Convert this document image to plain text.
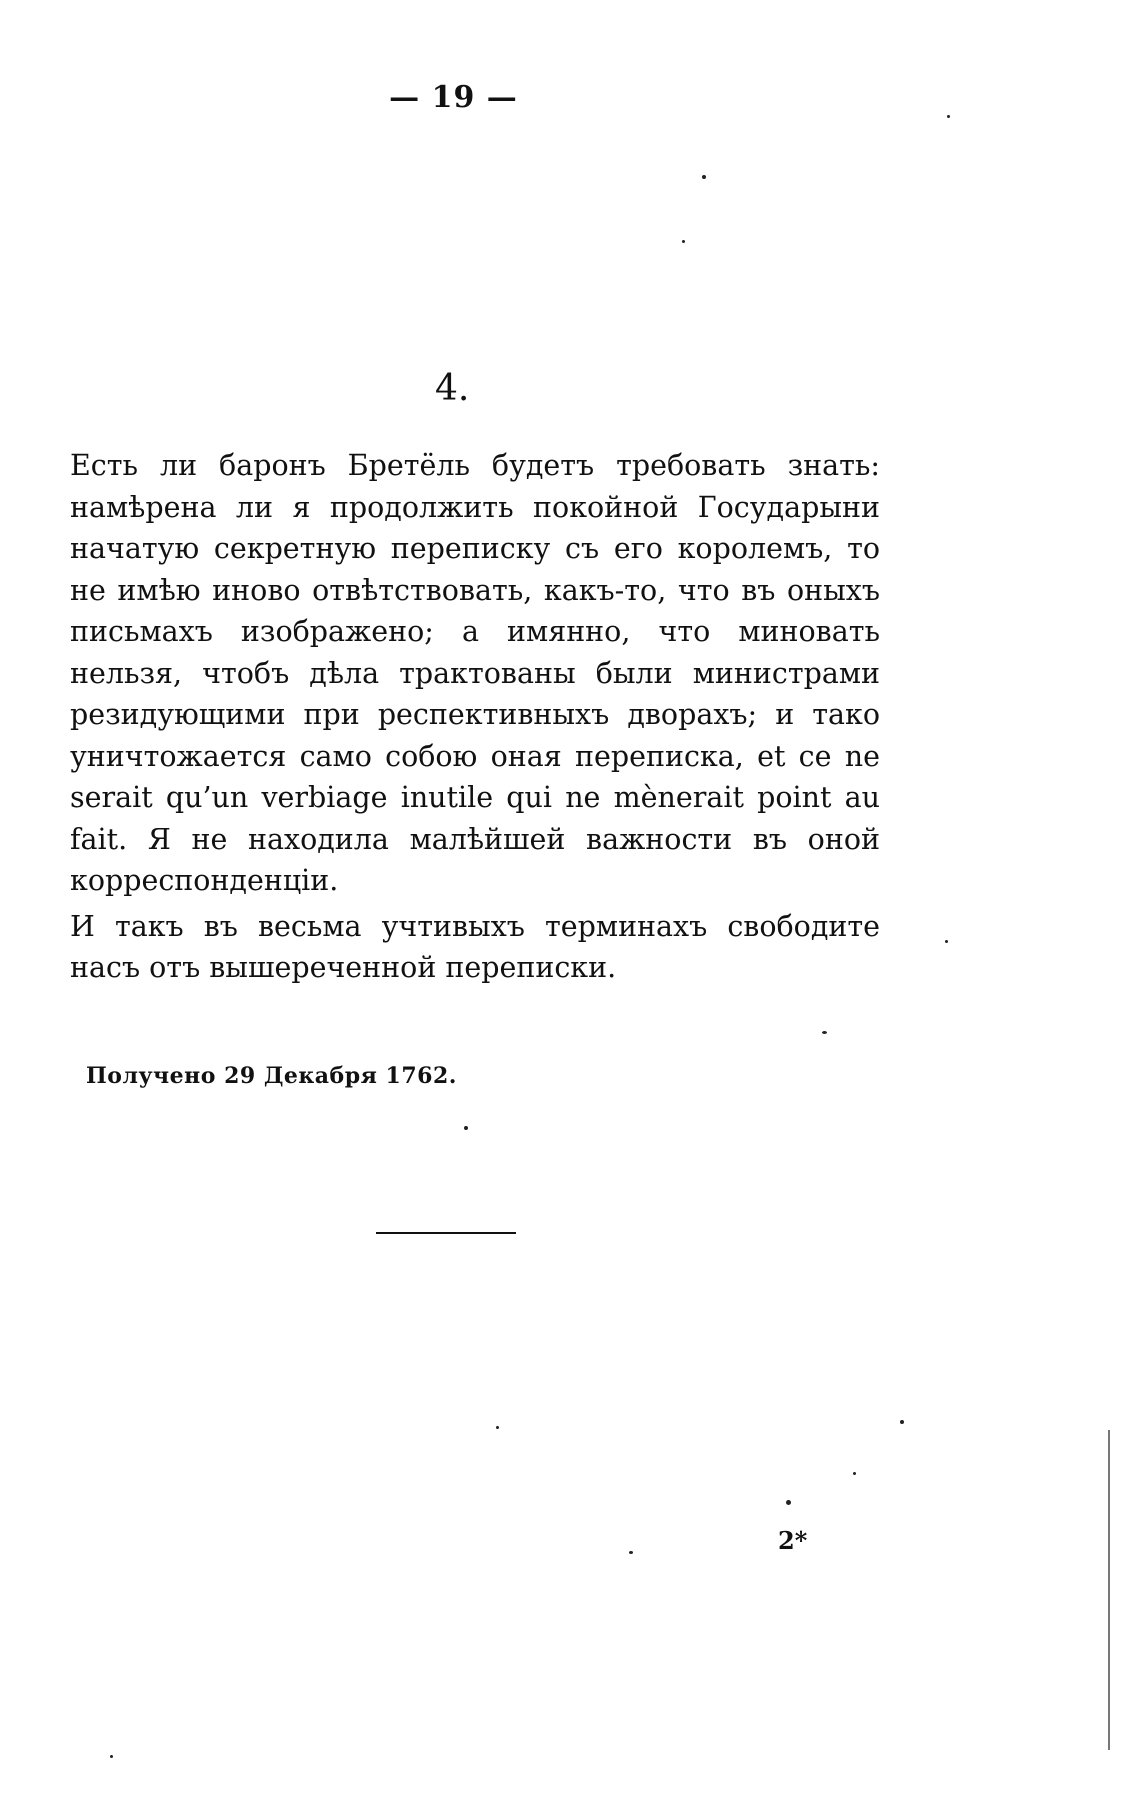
— 19 —
4.

Есть ли баронъ Бретёль будетъ требовать знать: намѣрена ли я продолжить покойной Государыни начатую секретную переписку съ его королемъ, то не имѣю иново отвѣтствовать, какъ-то, что въ оныхъ письмахъ изображено; а имянно, что миновать нельзя, чтобъ дѣла трактованы были министрами резидующими при респективныхъ дворахъ; и тако уничтожается само собою оная переписка, et ce ne serait qu’un verbiage inutile qui ne mènerait point au fait. Я не находила малѣйшей важности въ оной корреспонденціи.

И такъ въ весьма учтивыхъ терминахъ свободите насъ отъ вышереченной переписки.

Получено 29 Декабря 1762.
2*
